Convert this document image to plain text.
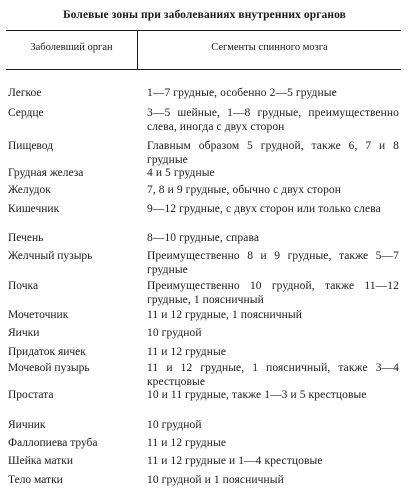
Болевые зоны при заболеваниях внутренних органов
Заболевший орган	Сегменты спинного мозга
Легкое	1—7 грудные, особенно 2—5 грудные
Сердце	3—5 шейные, 1—8 грудные, преимущественно слева, иногда с двух сторон
Пищевод	Главным образом 5 грудной, также 6, 7 и 8 грудные
Грудная железа	4 и 5 грудные
Желудок	7, 8 и 9 грудные, обычно с двух сторон
Кишечник	9—12 грудные, с двух сторон или только слева
Печень	8—10 грудные, справа
Желчный пузырь	Преимущественно 8 и 9 грудные, также 5—7 грудные
Почка	Преимущественно 10 грудной, также 11—12 грудные, 1 поясничный
Мочеточник	11 и 12 грудные, 1 поясничный
Яички	10 грудной
Придаток яичек	11 и 12 грудные
Мочевой пузырь	11 и 12 грудные, 1 поясничный, также 3—4 крестцовые
Простата	10 и 11 грудные, также 1—3 и 5 крестцовые
Яичник	10 грудной
Фаллопиева труба	11 и 12 грудные
Шейка матки	11 и 12 грудные и 1—4 крестцовые
Тело матки	10 грудной и 1 поясничный
